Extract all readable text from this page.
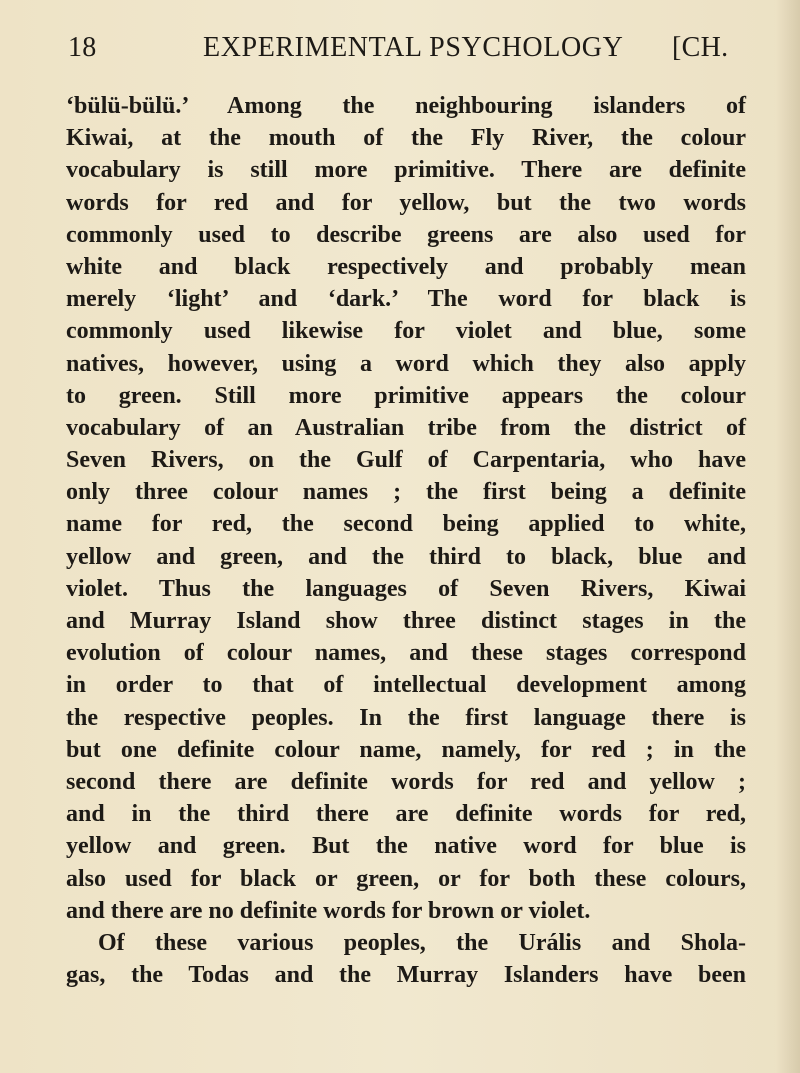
18	EXPERIMENTAL PSYCHOLOGY [CH.
‘bülü-bülü.’ Among the neighbouring islanders of
Kiwai, at the mouth of the Fly River, the colour
vocabulary is still more primitive. There are definite
words for red and for yellow, but the two words
commonly used to describe greens are also used for
white and black respectively and probably mean
merely ‘light’ and ‘dark.’ The word for black is
commonly used likewise for violet and blue, some
natives, however, using a word which they also apply
to green. Still more primitive appears the colour
vocabulary of an Australian tribe from the district of
Seven Rivers, on the Gulf of Carpentaria, who have
only three colour names ; the first being a definite
name for red, the second being applied to white,
yellow and green, and the third to black, blue and
violet. Thus the languages of Seven Rivers, Kiwai
and Murray Island show three distinct stages in the
evolution of colour names, and these stages correspond
in order to that of intellectual development among
the respective peoples. In the first language there is
but one definite colour name, namely, for red ; in the
second there are definite words for red and yellow ;
and in the third there are definite words for red,
yellow and green. But the native word for blue is
also used for black or green, or for both these colours,
and there are no definite words for brown or violet.
Of these various peoples, the Urális and Shola-
gas, the Todas and the Murray Islanders have been
